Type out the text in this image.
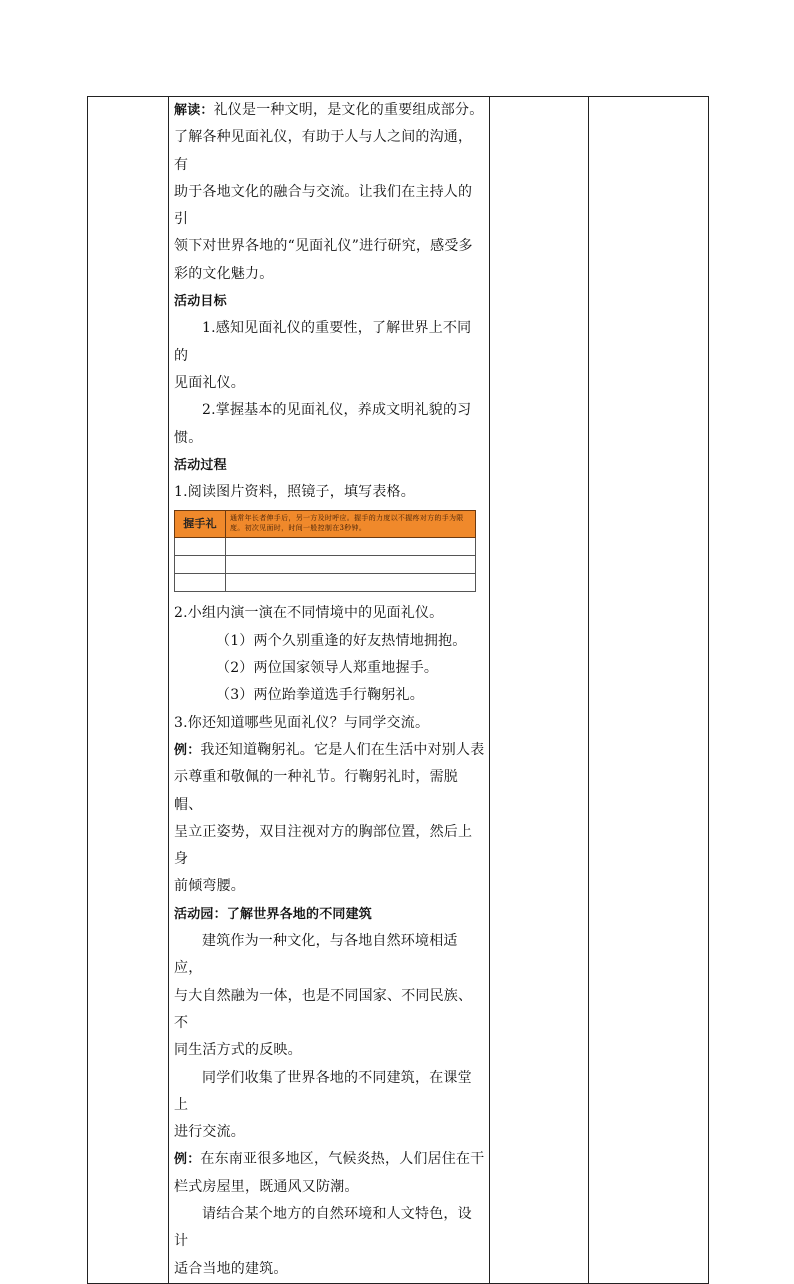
解读：礼仪是一种文明，是文化的重要组成部分。

了解各种见面礼仪，有助于人与人之间的沟通，有

助于各地文化的融合与交流。让我们在主持人的引

领下对世界各地的“见面礼仪”进行研究，感受多

彩的文化魅力。

活动目标

1.感知见面礼仪的重要性，了解世界上不同的

见面礼仪。

2.掌握基本的见面礼仪，养成文明礼貌的习惯。

活动过程

1.阅读图片资料，照镜子，填写表格。

握手礼	通常年长者伸手后，另一方及时呼应。握手的力度以不握疼对方的手为限度。初次见面时，时间一般控制在3秒钟。

2.小组内演一演在不同情境中的见面礼仪。

（1）两个久别重逢的好友热情地拥抱。

（2）两位国家领导人郑重地握手。

（3）两位跆拳道选手行鞠躬礼。

3.你还知道哪些见面礼仪？与同学交流。

例：我还知道鞠躬礼。它是人们在生活中对别人表

示尊重和敬佩的一种礼节。行鞠躬礼时，需脱帽、

呈立正姿势，双目注视对方的胸部位置，然后上身

前倾弯腰。

活动园：了解世界各地的不同建筑

建筑作为一种文化，与各地自然环境相适应，

与大自然融为一体，也是不同国家、不同民族、不

同生活方式的反映。

同学们收集了世界各地的不同建筑，在课堂上

进行交流。

例：在东南亚很多地区，气候炎热，人们居住在干

栏式房屋里，既通风又防潮。

请结合某个地方的自然环境和人文特色，设计

适合当地的建筑。
